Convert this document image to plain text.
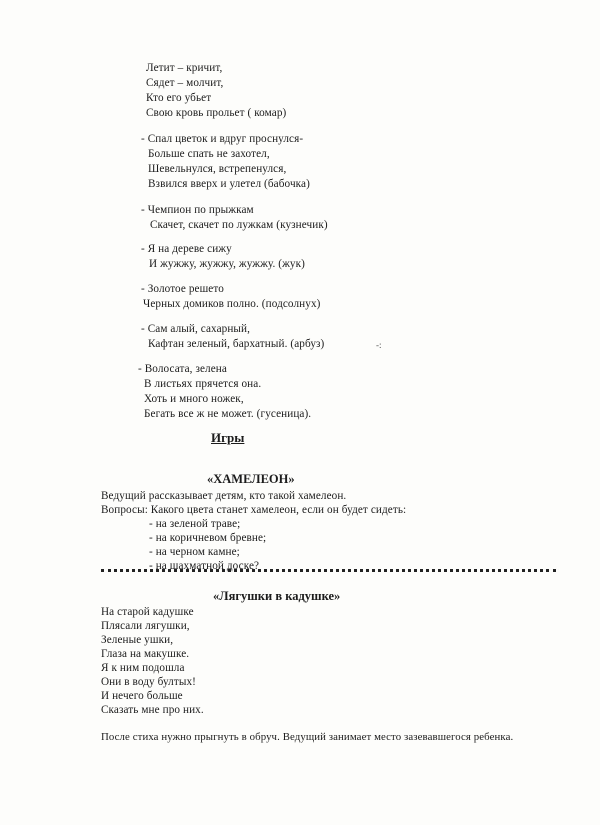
Летит – кричит,
Сядет – молчит,
Кто его убьет
Свою кровь прольет ( комар)
- Спал цветок и вдруг проснулся-
Больше спать не захотел,
Шевельнулся, встрепенулся,
Взвился вверх и улетел (бабочка)
- Чемпион по прыжкам
Скачет, скачет по лужкам (кузнечик)
- Я на дереве сижу
И жужжу, жужжу, жужжу. (жук)
- Золотое решето
Черных домиков полно. (подсолнух)
- Сам алый, сахарный,
Кафтан зеленый, бархатный. (арбуз)	-:
- Волосата, зелена
В листьях прячется она.
Хоть и много ножек,
Бегать все ж не может. (гусеница).
Игры
«ХАМЕЛЕОН»
Ведущий рассказывает детям, кто такой хамелеон.
Вопросы: Какого цвета станет хамелеон, если он будет сидеть:
- на зеленой траве;
- на коричневом бревне;
- на черном камне;
- на шахматной доске?
«Лягушки в кадушке»
На старой кадушке
Плясали лягушки,
Зеленые ушки,
Глаза на макушке.
Я к ним подошла
Они в воду бултых!
И нечего больше
Сказать мне про них.
После стиха нужно прыгнуть в обруч. Ведущий занимает место зазевавшегося ребенка.
